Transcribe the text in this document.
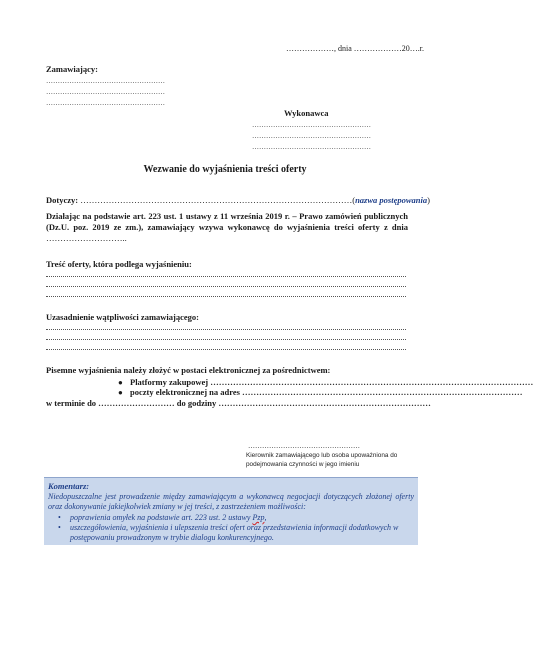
………………, dnia ………………20….r.
Zamawiający:
……………………………………………
……………………………………………
……………………………………………
Wykonawca
……………………………………………
……………………………………………
……………………………………………
Wezwanie do wyjaśnienia treści oferty
Dotyczy: ……………………………………………………………………………………(nazwa postępowania)
Działając na podstawie art. 223 ust. 1 ustawy z 11 września 2019 r. – Prawo zamówień publicznych (Dz.U. poz. 2019 ze zm.), zamawiający wzywa wykonawcę do wyjaśnienia treści oferty z dnia ………………………..
Treść oferty, która podlega wyjaśnieniu:
Uzasadnienie wątpliwości zamawiającego:
Pisemne wyjaśnienia należy złożyć w postaci elektronicznej za pośrednictwem:
● Platformy zakupowej ……………………………………………………………………………………………………
● poczty elektronicznej na adres ………………………………………………………………………………………
w terminie do ……………………… do godziny …………………………………………………………………
…………………………………………
Kierownik zamawiającego lub osoba upoważniona do podejmowania czynności w jego imieniu
Komentarz:
Niedopuszczalne jest prowadzenie między zamawiającym a wykonawcą negocjacji dotyczących złożonej oferty oraz dokonywanie jakiejkolwiek zmiany w jej treści, z zastrzeżeniem możliwości:
• poprawienia omyłek na podstawie art. 223 ust. 2 ustawy Pzp,
• uszczegółowienia, wyjaśnienia i ulepszenia treści ofert oraz przedstawienia informacji dodatkowych w postępowaniu prowadzonym w trybie dialogu konkurencyjnego.
